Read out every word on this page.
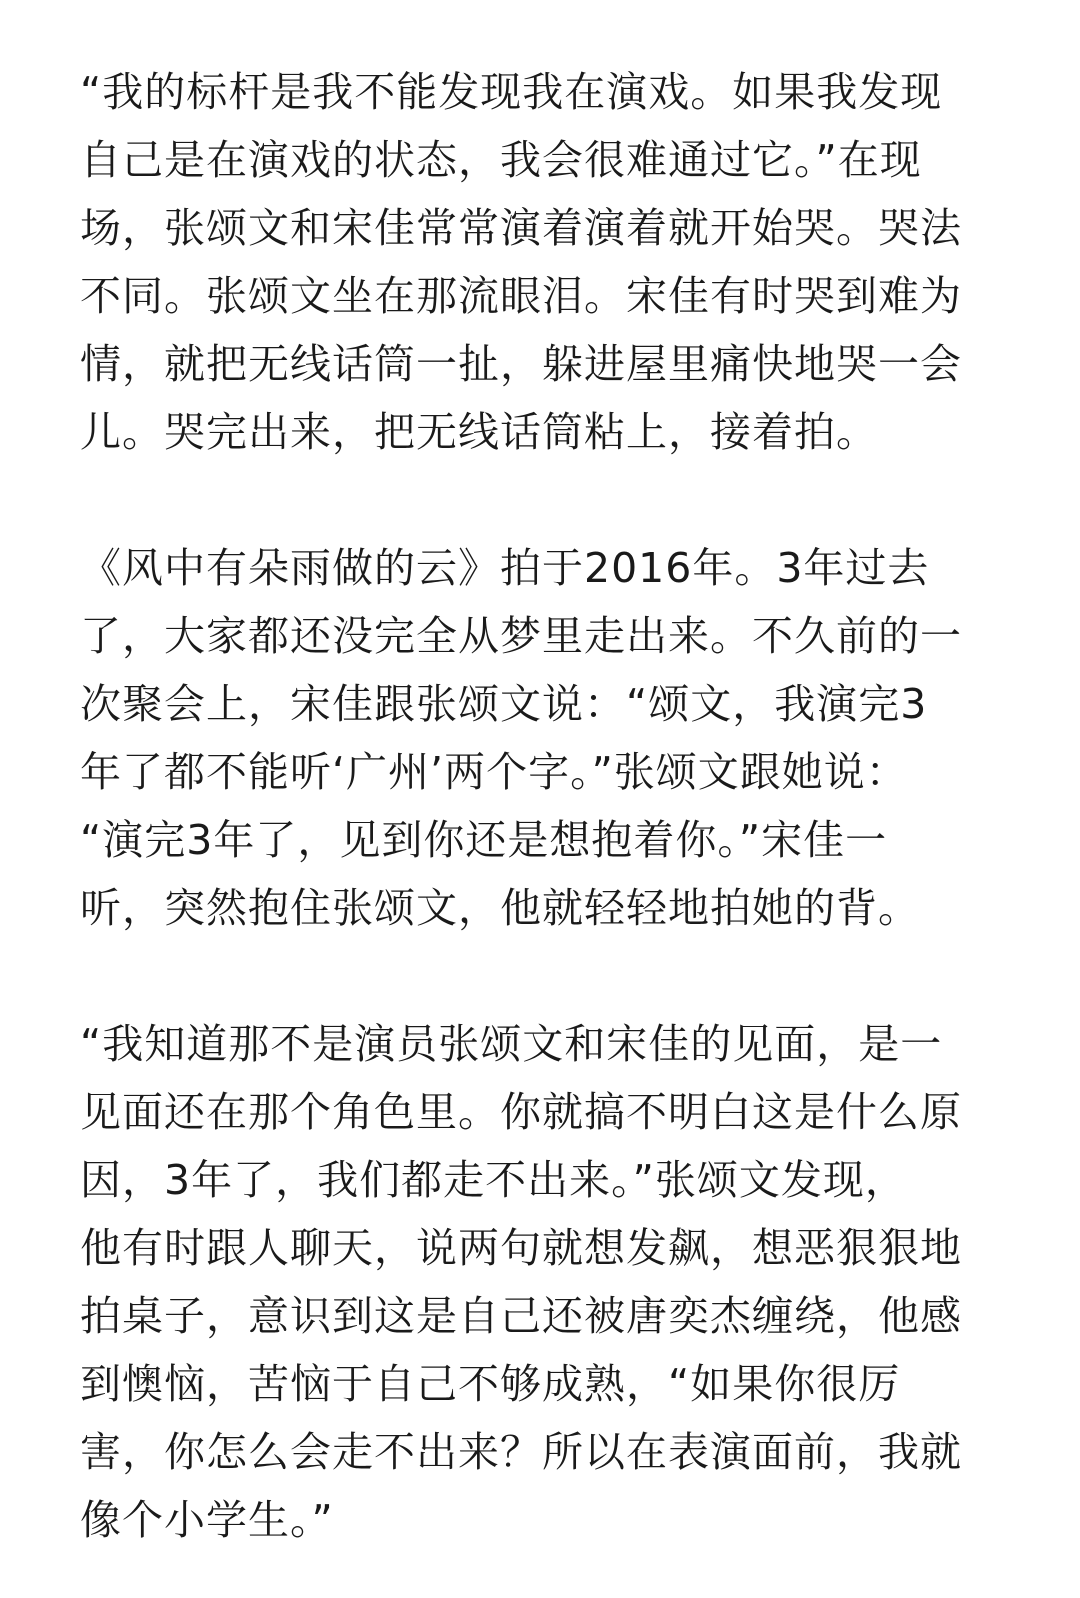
“我的标杆是我不能发现我在演戏。如果我发现
自己是在演戏的状态，我会很难通过它。”在现
场，张颂文和宋佳常常演着演着就开始哭。哭法
不同。张颂文坐在那流眼泪。宋佳有时哭到难为
情，就把无线话筒一扯，躲进屋里痛快地哭一会
儿。哭完出来，把无线话筒粘上，接着拍。
《风中有朵雨做的云》拍于2016年。3年过去
了，大家都还没完全从梦里走出来。不久前的一
次聚会上，宋佳跟张颂文说：“颂文，我演完3
年了都不能听‘广州’两个字。”张颂文跟她说：
“演完3年了，见到你还是想抱着你。”宋佳一
听，突然抱住张颂文，他就轻轻地拍她的背。
“我知道那不是演员张颂文和宋佳的见面，是一
见面还在那个角色里。你就搞不明白这是什么原
因，3年了，我们都走不出来。”张颂文发现，
他有时跟人聊天，说两句就想发飙，想恶狠狠地
拍桌子，意识到这是自己还被唐奕杰缠绕，他感
到懊恼，苦恼于自己不够成熟，“如果你很厉
害，你怎么会走不出来？所以在表演面前，我就
像个小学生。”
